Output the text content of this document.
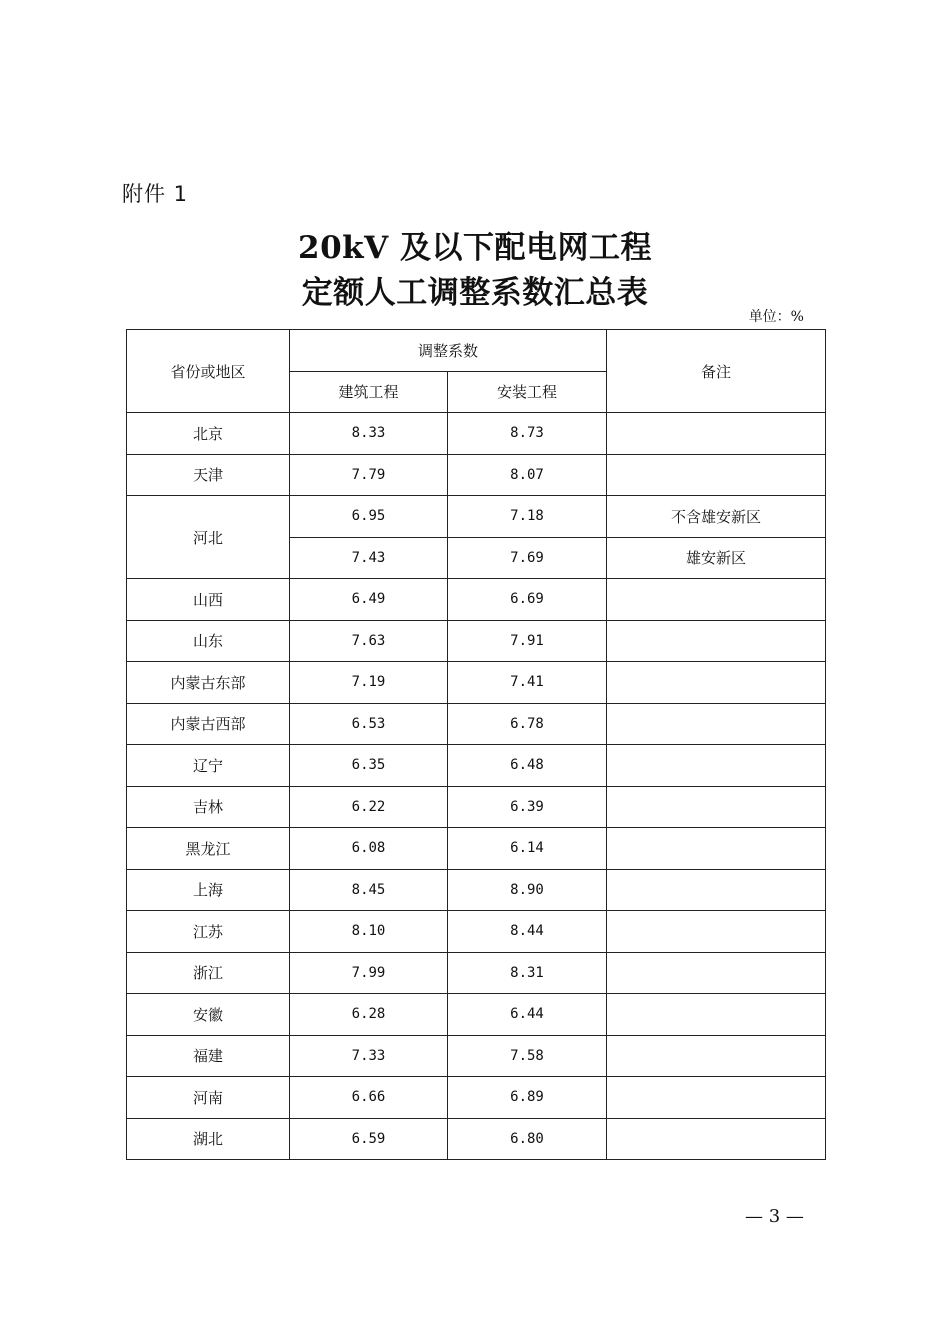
附件 1
20kV 及以下配电网工程
定额人工调整系数汇总表
单位：%
省份或地区	调整系数		备注
	建筑工程	安装工程	
北京	8.33	8.73	
天津	7.79	8.07	
河北	6.95	7.18	不含雄安新区
	7.43	7.69	雄安新区
山西	6.49	6.69	
山东	7.63	7.91	
内蒙古东部	7.19	7.41	
内蒙古西部	6.53	6.78	
辽宁	6.35	6.48	
吉林	6.22	6.39	
黑龙江	6.08	6.14	
上海	8.45	8.90	
江苏	8.10	8.44	
浙江	7.99	8.31	
安徽	6.28	6.44	
福建	7.33	7.58	
河南	6.66	6.89	
湖北	6.59	6.80	
— 3 —
